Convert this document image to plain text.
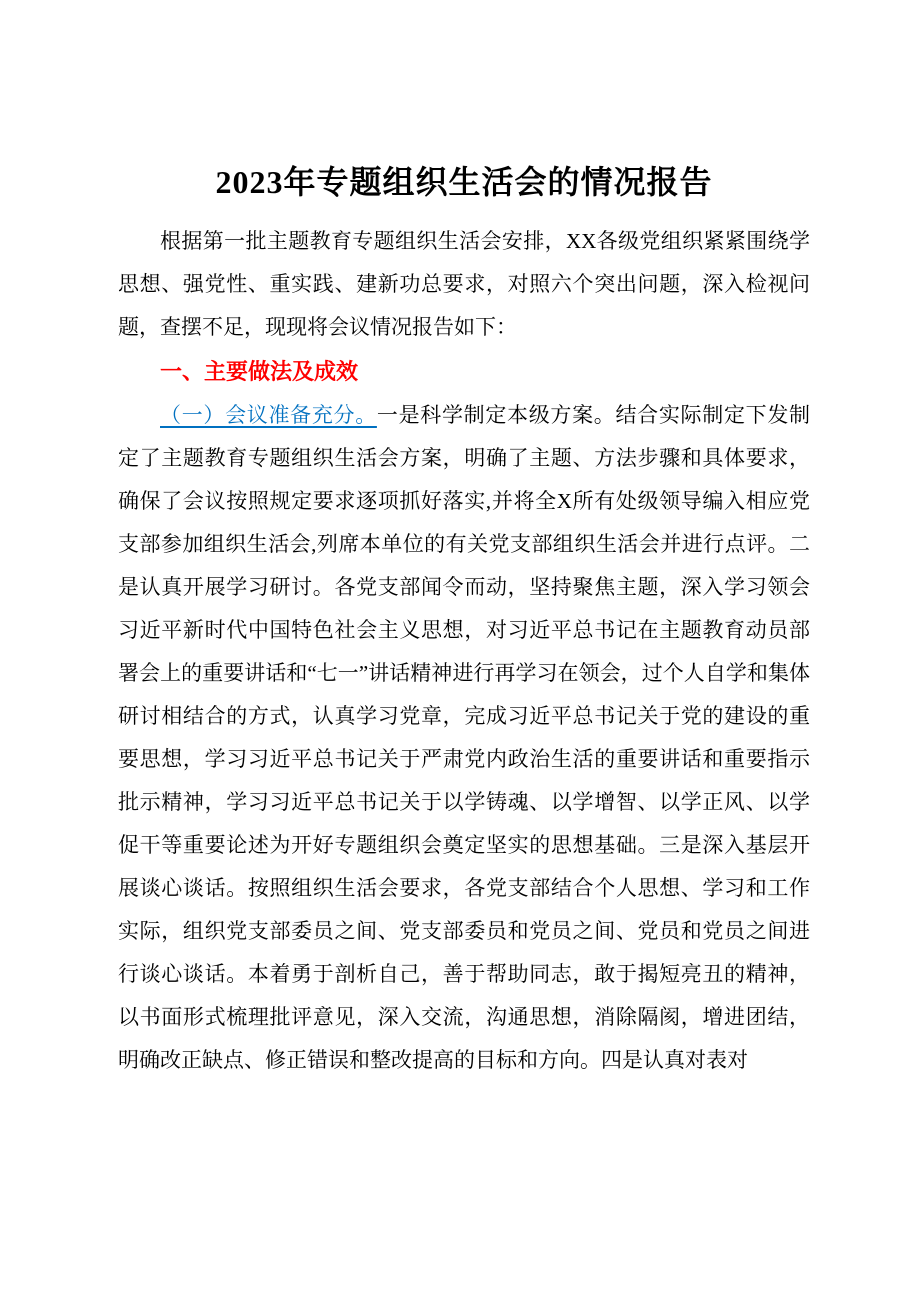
2023年专题组织生活会的情况报告

根据第一批主题教育专题组织生活会安排，XX各级党组织紧紧围绕学思想、强党性、重实践、建新功总要求，对照六个突出问题，深入检视问题，查摆不足，现现将会议情况报告如下：

一、主要做法及成效

（一）会议准备充分。一是科学制定本级方案。结合实际制定下发制定了主题教育专题组织生活会方案，明确了主题、方法步骤和具体要求，确保了会议按照规定要求逐项抓好落实,并将全X所有处级领导编入相应党支部参加组织生活会,列席本单位的有关党支部组织生活会并进行点评。二是认真开展学习研讨。各党支部闻令而动，坚持聚焦主题，深入学习领会习近平新时代中国特色社会主义思想，对习近平总书记在主题教育动员部署会上的重要讲话和“七一”讲话精神进行再学习在领会，过个人自学和集体研讨相结合的方式，认真学习党章，完成习近平总书记关于党的建设的重要思想，学习习近平总书记关于严肃党内政治生活的重要讲话和重要指示批示精神，学习习近平总书记关于以学铸魂、以学增智、以学正风、以学促干等重要论述为开好专题组织会奠定坚实的思想基础。三是深入基层开展谈心谈话。按照组织生活会要求，各党支部结合个人思想、学习和工作实际，组织党支部委员之间、党支部委员和党员之间、党员和党员之间进行谈心谈话。本着勇于剖析自己，善于帮助同志，敢于揭短亮丑的精神，以书面形式梳理批评意见，深入交流，沟通思想，消除隔阂，增进团结，明确改正缺点、修正错误和整改提高的目标和方向。四是认真对表对
